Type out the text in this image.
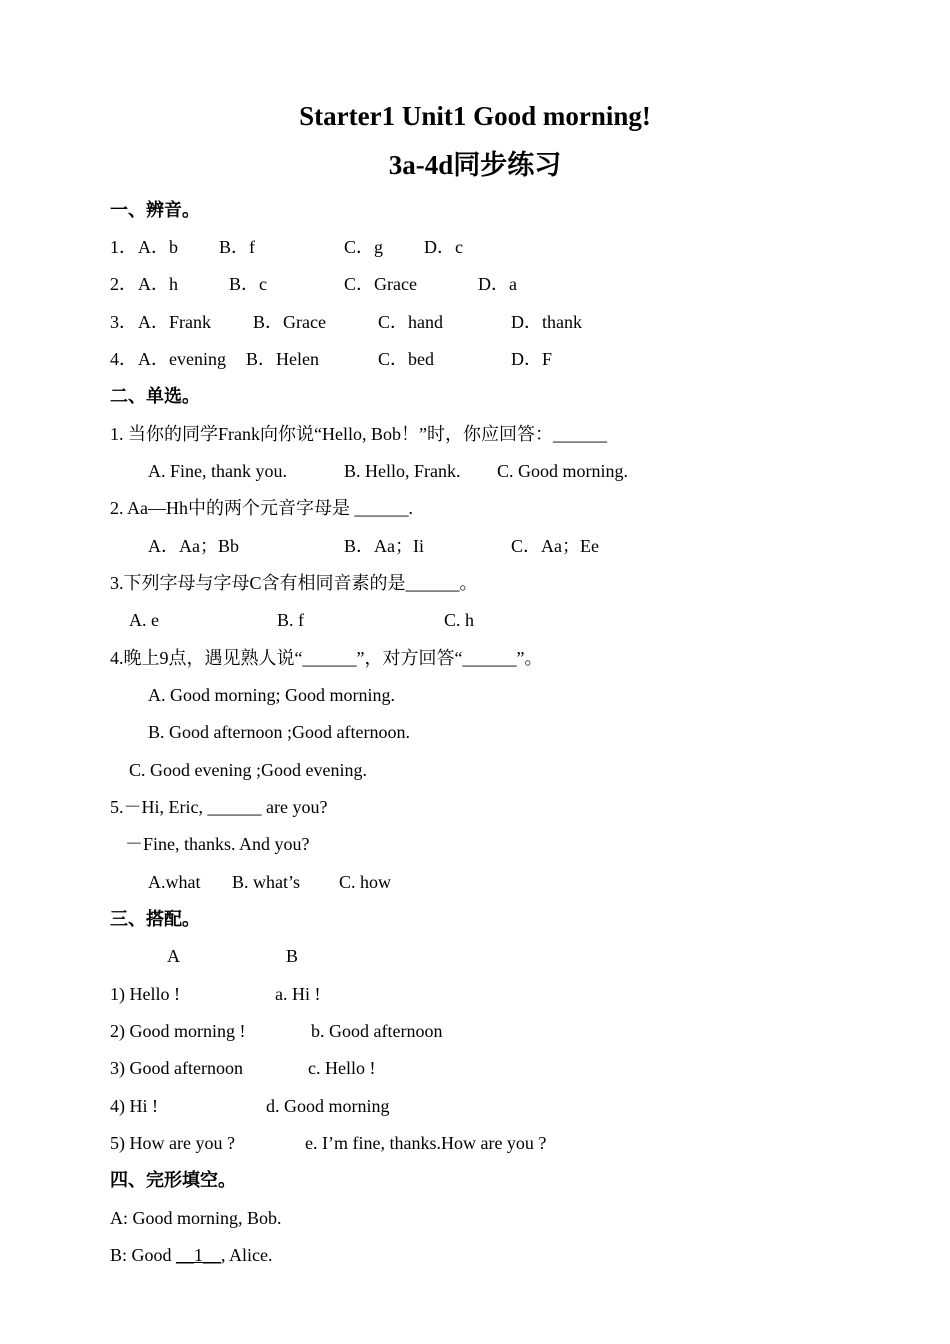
Starter1 Unit1 Good morning!
3a-4d同步练习
一、辨音。
1． A．b B．f	C．g D．c
2． A．h	B．c	C．Grace	D．a
3． A．Frank B．Grace	C．hand	D．thank
4． A．evening B．Helen	C．bed	D．F
二、单选。
1. 当你的同学Frank向你说“Hello, Bob！”时，你应回答：______
A. Fine, thank you.	B. Hello, Frank. C. Good morning.
2. Aa—Hh中的两个元音字母是 ______.
A．Aa；Bb	B．Aa；Ii	C．Aa；Ee
3.下列字母与字母C含有相同音素的是______。
A. e	B. f	C. h
4.晚上9点，遇见熟人说“______”，对方回答“______”。
A. Good morning; Good morning.
B. Good afternoon ;Good afternoon.
C. Good evening ;Good evening.
5.－Hi, Eric, ______ are you?
－Fine, thanks. And you?
A.what B. what’s C. how
三、搭配。
A	B
1) Hello !	a. Hi !
2) Good morning !	b. Good afternoon
3) Good afternoon	c. Hello !
4) Hi !	d. Good morning
5) How are you ?	e. I’m fine, thanks.How are you ?
四、完形填空。
A: Good morning, Bob.
B: Good __1__, Alice.
